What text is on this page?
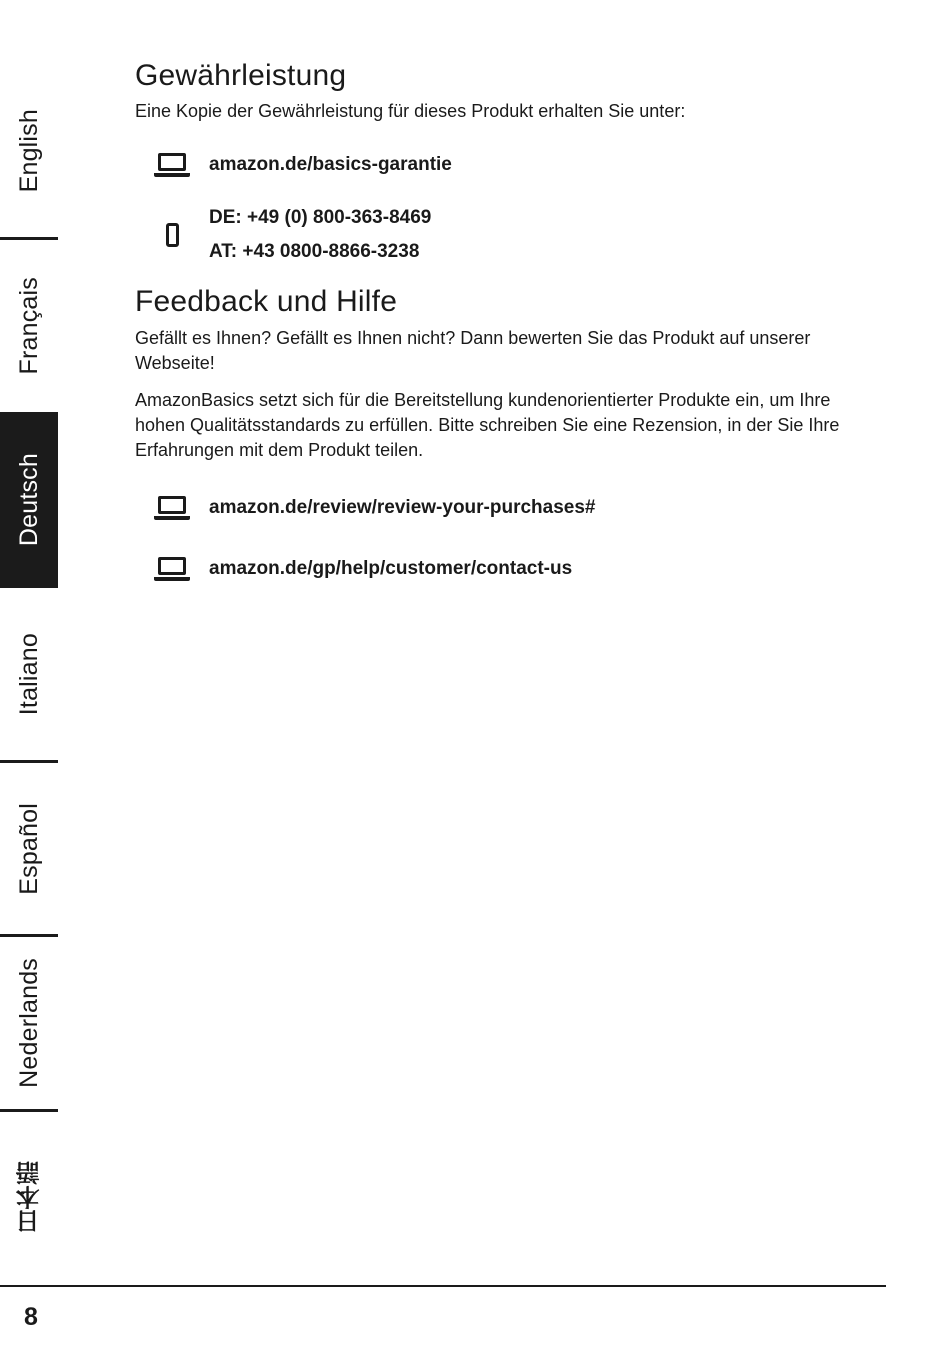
English
Français
Deutsch
Italiano
Español
Nederlands
日本語
Gewährleistung

Eine Kopie der Gewährleistung für dieses Produkt erhalten Sie unter:

amazon.de/basics-garantie
DE: +49 (0) 800-363-8469
AT: +43 0800-8866-3238
Feedback und Hilfe

Gefällt es Ihnen? Gefällt es Ihnen nicht? Dann bewerten Sie das Produkt auf unserer Webseite!

AmazonBasics setzt sich für die Bereitstellung kundenorientierter Produkte ein, um Ihre hohen Qualitätsstandards zu erfüllen. Bitte schreiben Sie eine Rezension, in der Sie Ihre Erfahrungen mit dem Produkt teilen.

amazon.de/review/review-your-purchases#
amazon.de/gp/help/customer/contact-us
8
